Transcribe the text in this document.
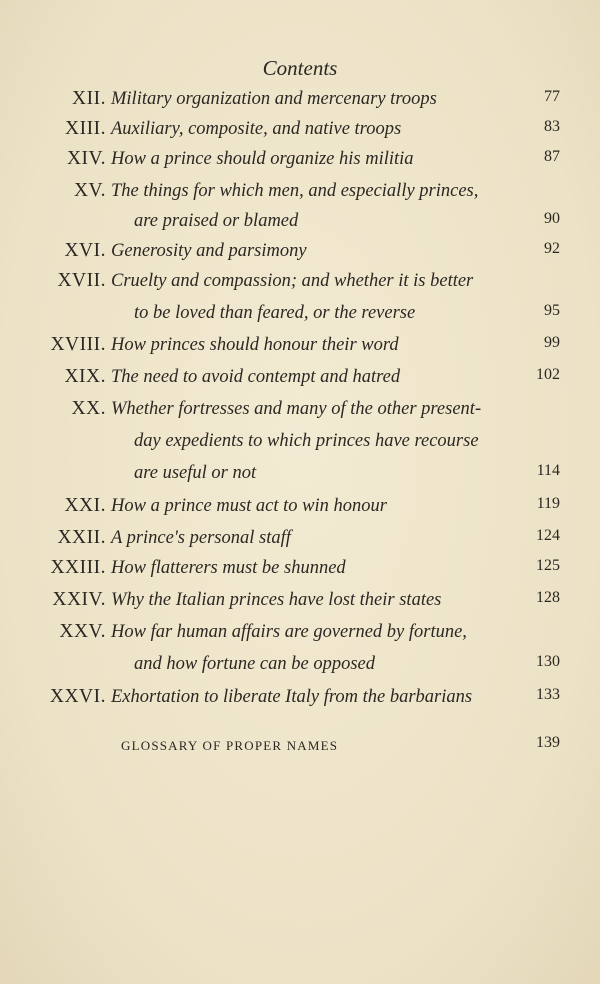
Contents
XII. Military organization and mercenary troops	77
XIII. Auxiliary, composite, and native troops	83
XIV. How a prince should organize his militia	87
XV. The things for which men, and especially princes,
are praised or blamed	90
XVI. Generosity and parsimony	92
XVII. Cruelty and compassion; and whether it is better
to be loved than feared, or the reverse	95
XVIII. How princes should honour their word	99
XIX. The need to avoid contempt and hatred	102
XX. Whether fortresses and many of the other present-
day expedients to which princes have recourse
are useful or not	114
XXI. How a prince must act to win honour	119
XXII. A prince's personal staff	124
XXIII. How flatterers must be shunned	125
XXIV. Why the Italian princes have lost their states	128
XXV. How far human affairs are governed by fortune,
and how fortune can be opposed	130
XXVI. Exhortation to liberate Italy from the barbarians	133
GLOSSARY OF PROPER NAMES	139
